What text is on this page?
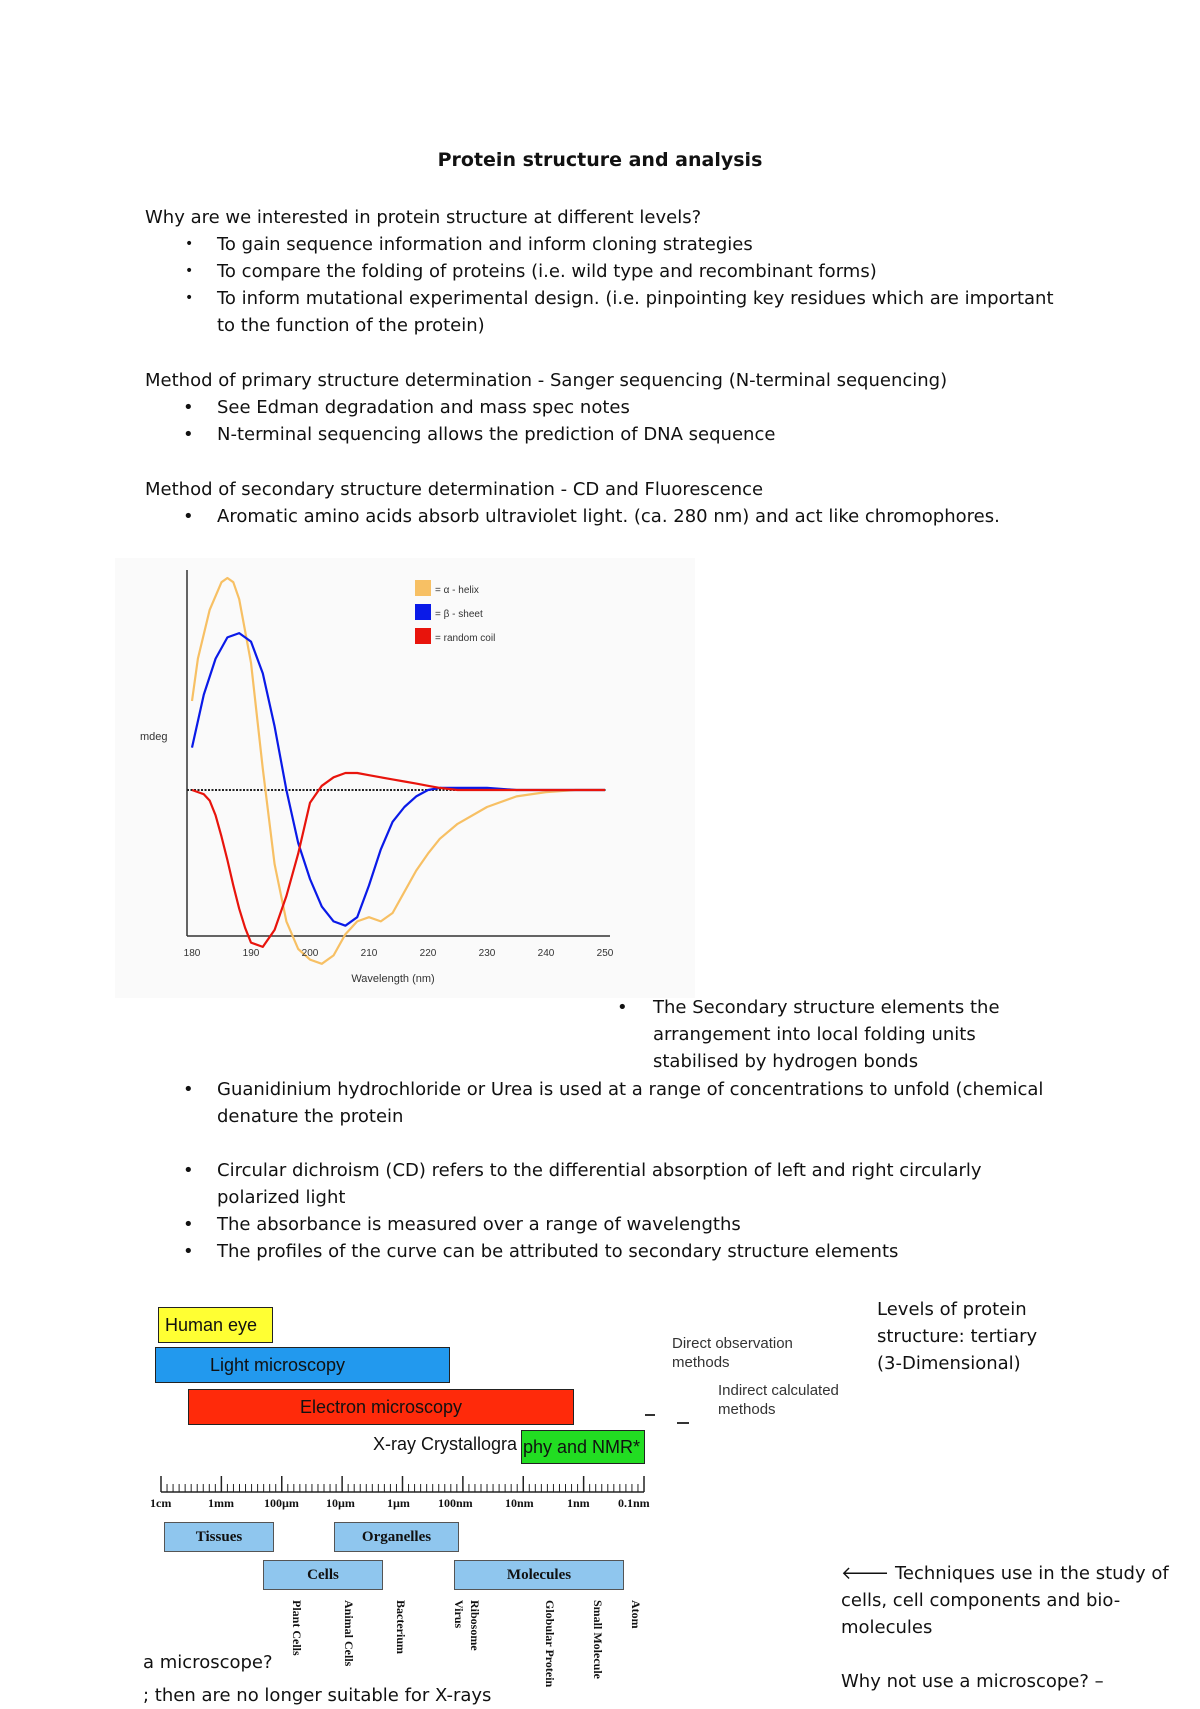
Protein structure and analysis
Why are we interested in protein structure at different levels?
• To gain sequence information and inform cloning strategies
• To compare the folding of proteins (i.e. wild type and recombinant forms)
• To inform mutational experimental design. (i.e. pinpointing key residues which are important
to the function of the protein)
Method of primary structure determination - Sanger sequencing (N-terminal sequencing)
• See Edman degradation and mass spec notes
• N-terminal sequencing allows the prediction of DNA sequence
Method of secondary structure determination - CD and Fluorescence
• Aromatic amino acids absorb ultraviolet light. (ca. 280 nm) and act like chromophores.
180	190	200	210	220	230	240	250
mdeg
Wavelength (nm)
= α - helix
= β - sheet
= random coil
• The Secondary structure elements the
arrangement into local folding units
stabilised by hydrogen bonds
• Guanidinium hydrochloride or Urea is used at a range of concentrations to unfold (chemical
denature the protein
• Circular dichroism (CD) refers to the differential absorption of left and right circularly
polarized light
• The absorbance is measured over a range of wavelengths
• The profiles of the curve can be attributed to secondary structure elements
Human eye
Light microscopy
Electron microscopy
X-ray Crystallogra phy and NMR*
Direct observation
methods
Indirect calculated
methods
1cm	1mm	100µm 10µm	1µm 100nm	10nm	1nm 0.1nm
Tissues	Organelles
Cells	Molecules
Plant Cells	Animal Cells	Bacterium	Virus Ribosome	Globular Protein	Small Molecule Atom
Levels of protein
structure: tertiary
(3-Dimensional)
🡐 Techniques use in the study of
cells, cell components and bio-
molecules
Why not use a microscope? –
a microscope?
; then are no longer suitable for X-rays
